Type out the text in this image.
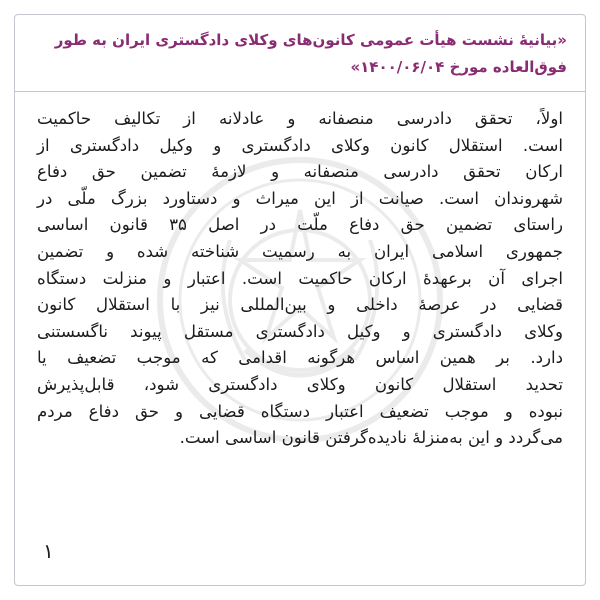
«بیانیهٔ نشست هیأت عمومی کانون‌های وکلای دادگستری ایران به طور
فوق‌العاده مورخ ۱۴۰۰/۰۶/۰۴»
اولاً، تحقق دادرسی منصفانه و عادلانه از تکالیف حاکمیت
است. استقلال کانون وکلای دادگستری و وکیل دادگستری از
ارکان تحقق دادرسی منصفانه و لازمهٔ تضمین حق دفاع
شهروندان است. صیانت از این میراث و دستاورد بزرگ ملّی در
راستای تضمین حق دفاع ملّت در اصل ۳۵ قانون اساسی
جمهوری اسلامی ایران به رسمیت شناخته شده و تضمین
اجرای آن برعهدهٔ ارکان حاکمیت است. اعتبار و منزلت دستگاه
قضایی در عرصهٔ داخلی و بین‌المللی نیز با استقلال کانون
وکلای دادگستری و وکیل دادگستری مستقل پیوند ناگسستنی
دارد. بر همین اساس هرگونه اقدامی که موجب تضعیف یا
تحدید استقلال کانون وکلای دادگستری شود، قابل‌پذیرش
نبوده و موجب تضعیف اعتبار دستگاه قضایی و حق دفاع مردم
می‌گردد و این به‌منزلهٔ نادیده‌گرفتن قانون اساسی است.
۱
